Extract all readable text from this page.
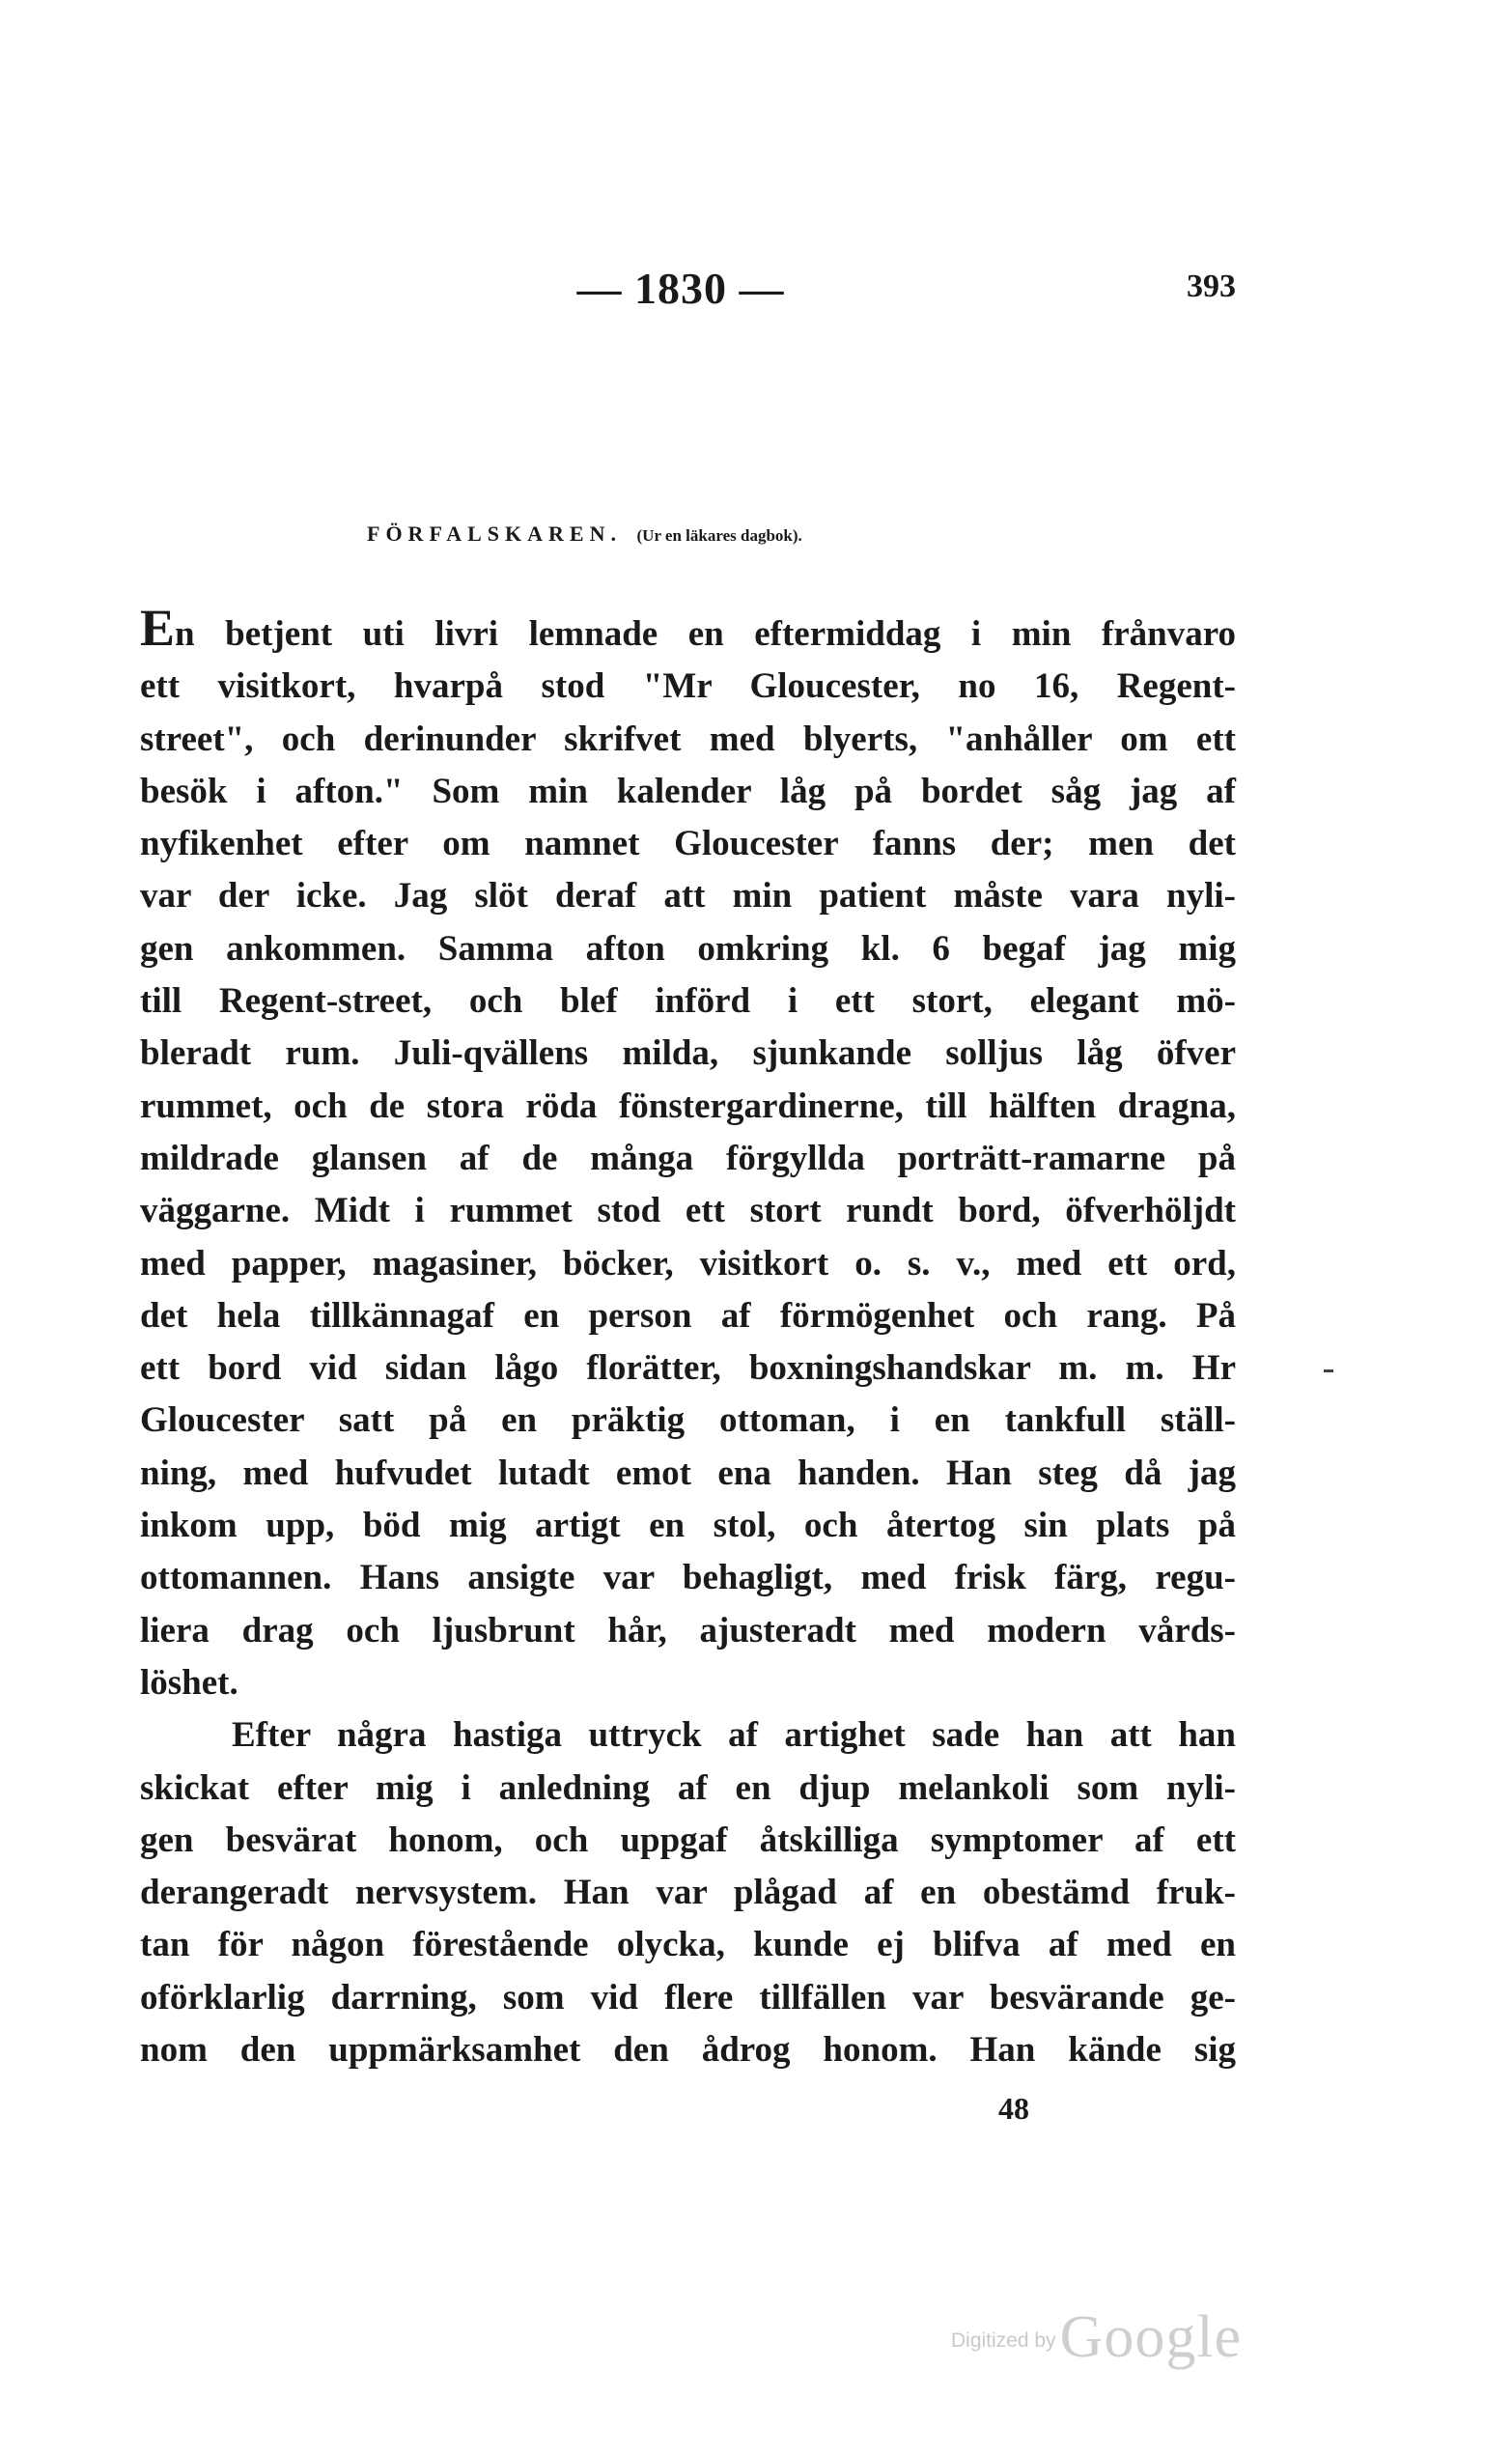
— 1830 —	393
FÖRFALSKAREN. (Ur en läkares dagbok).
En betjent uti livri lemnade en eftermiddag i min frånvaro
ett visitkort, hvarpå stod "Mr Gloucester, no 16, Regent-
street", och derinunder skrifvet med blyerts, "anhåller om ett
besök i afton." Som min kalender låg på bordet såg jag af
nyfikenhet efter om namnet Gloucester fanns der; men det
var der icke. Jag slöt deraf att min patient måste vara nyli-
gen ankommen. Samma afton omkring kl. 6 begaf jag mig
till Regent-street, och blef införd i ett stort, elegant mö-
bleradt rum. Juli-qvällens milda, sjunkande solljus låg öfver
rummet, och de stora röda fönstergardinerne, till hälften dragna,
mildrade glansen af de många förgyllda porträtt-ramarne på
väggarne. Midt i rummet stod ett stort rundt bord, öfverhöljdt
med papper, magasiner, böcker, visitkort o. s. v., med ett ord,
det hela tillkännagaf en person af förmögenhet och rang. På
ett bord vid sidan lågo florätter, boxningshandskar m. m. Hr
Gloucester satt på en präktig ottoman, i en tankfull ställ-
ning, med hufvudet lutadt emot ena handen. Han steg då jag
inkom upp, böd mig artigt en stol, och återtog sin plats på
ottomannen. Hans ansigte var behagligt, med frisk färg, regu-
liera drag och ljusbrunt hår, ajusteradt med modern vårds-
löshet.
Efter några hastiga uttryck af artighet sade han att han
skickat efter mig i anledning af en djup melankoli som nyli-
gen besvärat honom, och uppgaf åtskilliga symptomer af ett
derangeradt nervsystem. Han var plågad af en obestämd fruk-
tan för någon förestående olycka, kunde ej blifva af med en
oförklarlig darrning, som vid flere tillfällen var besvärande ge-
nom den uppmärksamhet den ådrog honom. Han kände sig
48
Digitized by Google
